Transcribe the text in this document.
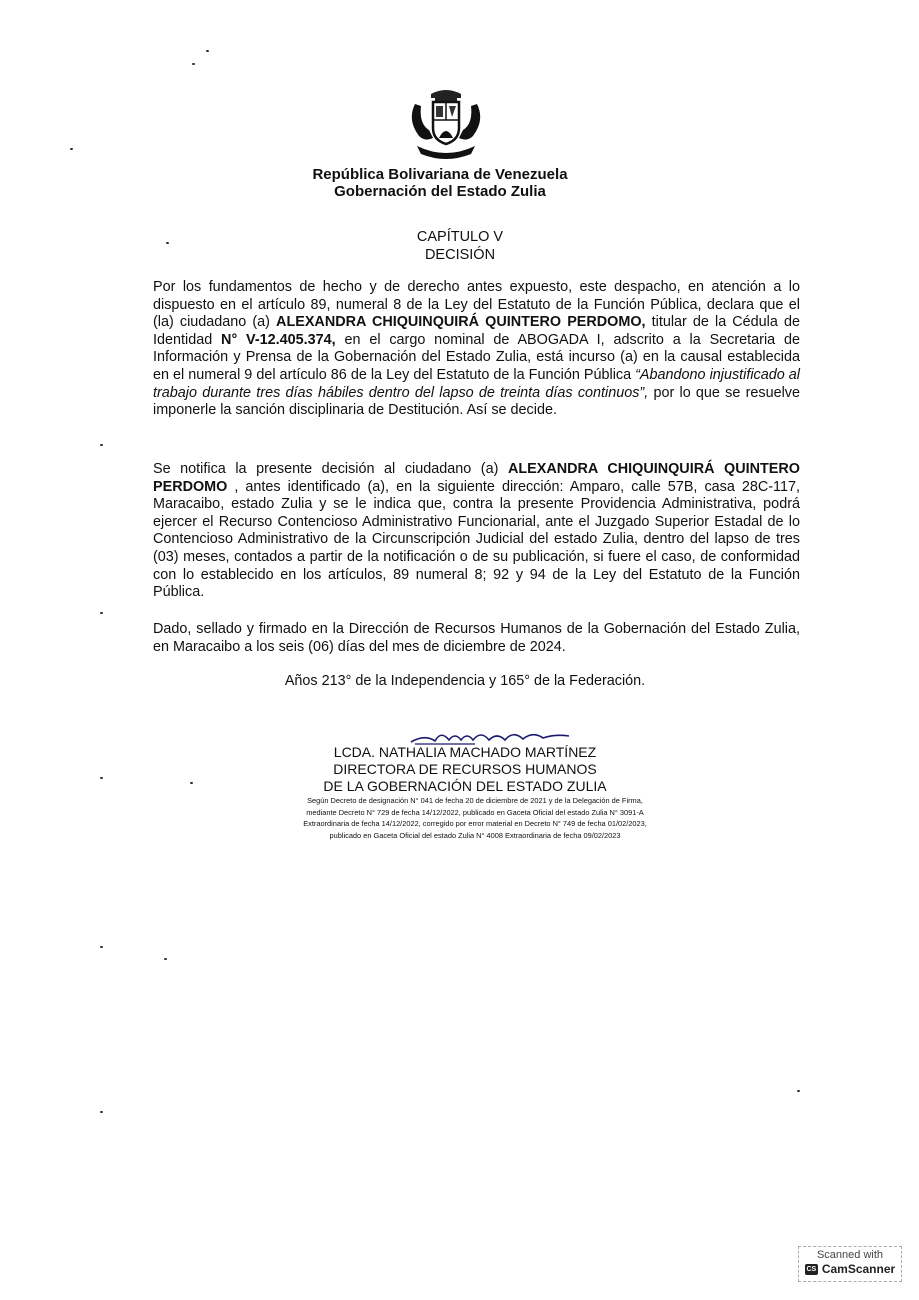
República Bolivariana de Venezuela
Gobernación del Estado Zulia
CAPÍTULO V
DECISIÓN

Por los fundamentos de hecho y de derecho antes expuesto, este despacho, en atención a lo dispuesto en el artículo 89, numeral 8 de la Ley del Estatuto de la Función Pública, declara que el (la) ciudadano (a) ALEXANDRA CHIQUINQUIRÁ QUINTERO PERDOMO, titular de la Cédula de Identidad N° V-12.405.374, en el cargo nominal de ABOGADA I, adscrito a la Secretaria de Información y Prensa de la Gobernación del Estado Zulia, está incurso (a) en la causal establecida en el numeral 9 del artículo 86 de la Ley del Estatuto de la Función Pública “Abandono injustificado al trabajo durante tres días hábiles dentro del lapso de treinta días continuos”, por lo que se resuelve imponerle la sanción disciplinaria de Destitución. Así se decide.

Se notifica la presente decisión al ciudadano (a) ALEXANDRA CHIQUINQUIRÁ QUINTERO PERDOMO , antes identificado (a), en la siguiente dirección: Amparo, calle 57B, casa 28C-117, Maracaibo, estado Zulia y se le indica que, contra la presente Providencia Administrativa, podrá ejercer el Recurso Contencioso Administrativo Funcionarial, ante el Juzgado Superior Estadal de lo Contencioso Administrativo de la Circunscripción Judicial del estado Zulia, dentro del lapso de tres (03) meses, contados a partir de la notificación o de su publicación, si fuere el caso, de conformidad con lo establecido en los artículos, 89 numeral 8; 92 y 94 de la Ley del Estatuto de la Función Pública.

Dado, sellado y firmado en la Dirección de Recursos Humanos de la Gobernación del Estado Zulia, en Maracaibo a los seis (06) días del mes de diciembre de 2024.

Años 213° de la Independencia y 165° de la Federación.
LCDA. NATHALIA MACHADO MARTÍNEZ
DIRECTORA DE RECURSOS HUMANOS
DE LA GOBERNACIÓN DEL ESTADO ZULIA
Según Decreto de designación N° 041 de fecha 20 de diciembre de 2021 y de la Delegación de Firma,
mediante Decreto N° 729 de fecha 14/12/2022, publicado en Gaceta Oficial del estado Zulia N° 3091-A
Extraordinaria de fecha 14/12/2022, corregido por error material en Decreto N° 749 de fecha 01/02/2023,
publicado en Gaceta Oficial del estado Zulia N° 4008 Extraordinaria de fecha 09/02/2023
Scanned with
CS CamScanner
